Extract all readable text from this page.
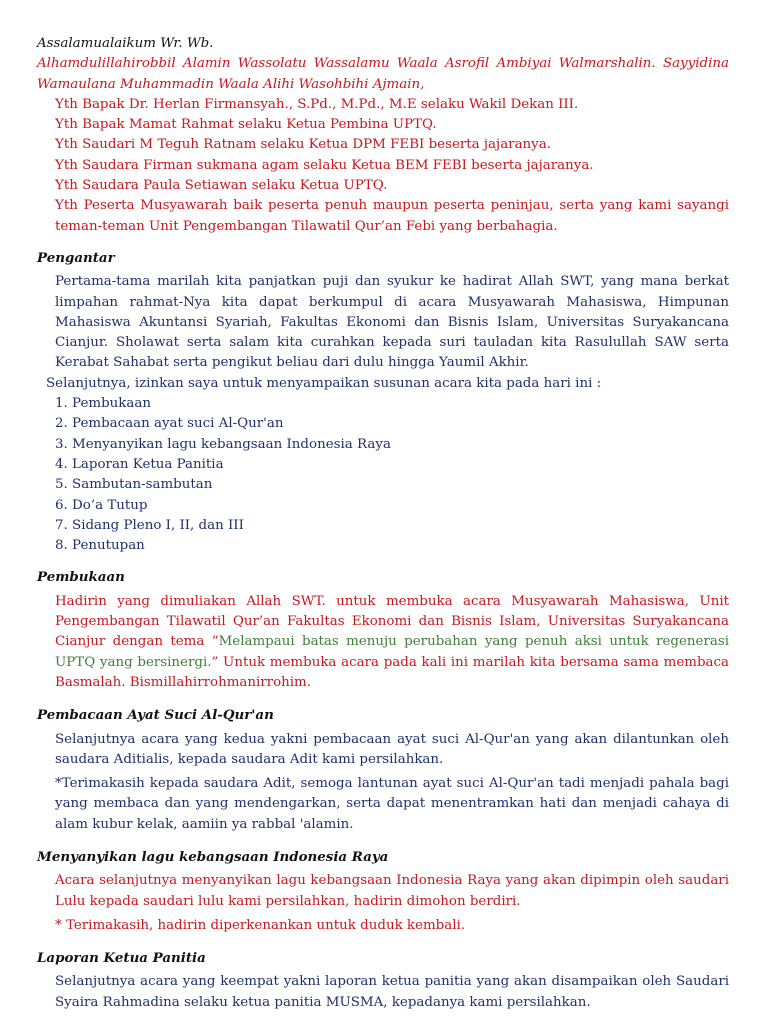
Assalamualaikum Wr. Wb.

Alhamdulillahirobbil Alamin Wassolatu Wassalamu Waala Asrofil Ambiyai Walmarshalin. Sayyidina Wamaulana Muhammadin Waala Alihi Wasohbihi Ajmain,

Yth Bapak Dr. Herlan Firmansyah., S.Pd., M.Pd., M.E selaku Wakil Dekan III.

Yth Bapak Mamat Rahmat selaku Ketua Pembina UPTQ.

Yth Saudari M Teguh Ratnam selaku Ketua DPM FEBI beserta jajaranya.

Yth Saudara Firman sukmana agam selaku Ketua BEM FEBI beserta jajaranya.

Yth Saudara Paula Setiawan selaku Ketua UPTQ.

Yth Peserta Musyawarah baik peserta penuh maupun peserta peninjau, serta yang kami sayangi teman-teman Unit Pengembangan Tilawatil Qur’an Febi yang berbahagia.

Pengantar

Pertama-tama marilah kita panjatkan puji dan syukur ke hadirat Allah SWT, yang mana berkat limpahan rahmat-Nya kita dapat berkumpul di acara Musyawarah Mahasiswa, Himpunan Mahasiswa Akuntansi Syariah, Fakultas Ekonomi dan Bisnis Islam, Universitas Suryakancana Cianjur. Sholawat serta salam kita curahkan kepada suri tauladan kita Rasulullah SAW serta Kerabat Sahabat serta pengikut beliau dari dulu hingga Yaumil Akhir.

Selanjutnya, izinkan saya untuk menyampaikan susunan acara kita pada hari ini :

1. Pembukaan
2. Pembacaan ayat suci Al-Qur'an
3. Menyanyikan lagu kebangsaan Indonesia Raya
4. Laporan Ketua Panitia
5. Sambutan-sambutan
6. Do’a Tutup
7. Sidang Pleno I, II, dan III
8. Penutupan

Pembukaan

Hadirin yang dimuliakan Allah SWT. untuk membuka acara Musyawarah Mahasiswa, Unit Pengembangan Tilawatil Qur’an Fakultas Ekonomi dan Bisnis Islam, Universitas Suryakancana Cianjur dengan tema “Melampaui batas menuju perubahan yang penuh aksi untuk regenerasi UPTQ yang bersinergi.” Untuk membuka acara pada kali ini marilah kita bersama sama membaca Basmalah. Bismillahirrohmanirrohim.

Pembacaan Ayat Suci Al-Qur'an

Selanjutnya acara yang kedua yakni pembacaan ayat suci Al-Qur'an yang akan dilantunkan oleh saudara Aditialis, kepada saudara Adit kami persilahkan.

*Terimakasih kepada saudara Adit, semoga lantunan ayat suci Al-Qur'an tadi menjadi pahala bagi yang membaca dan yang mendengarkan, serta dapat menentramkan hati dan menjadi cahaya di alam kubur kelak, aamiin ya rabbal 'alamin.

Menyanyikan lagu kebangsaan Indonesia Raya

Acara selanjutnya menyanyikan lagu kebangsaan Indonesia Raya yang akan dipimpin oleh saudari Lulu kepada saudari lulu kami persilahkan, hadirin dimohon berdiri.

* Terimakasih, hadirin diperkenankan untuk duduk kembali.

Laporan Ketua Panitia

Selanjutnya acara yang keempat yakni laporan ketua panitia yang akan disampaikan oleh Saudari Syaira Rahmadina selaku ketua panitia MUSMA, kepadanya kami persilahkan.
